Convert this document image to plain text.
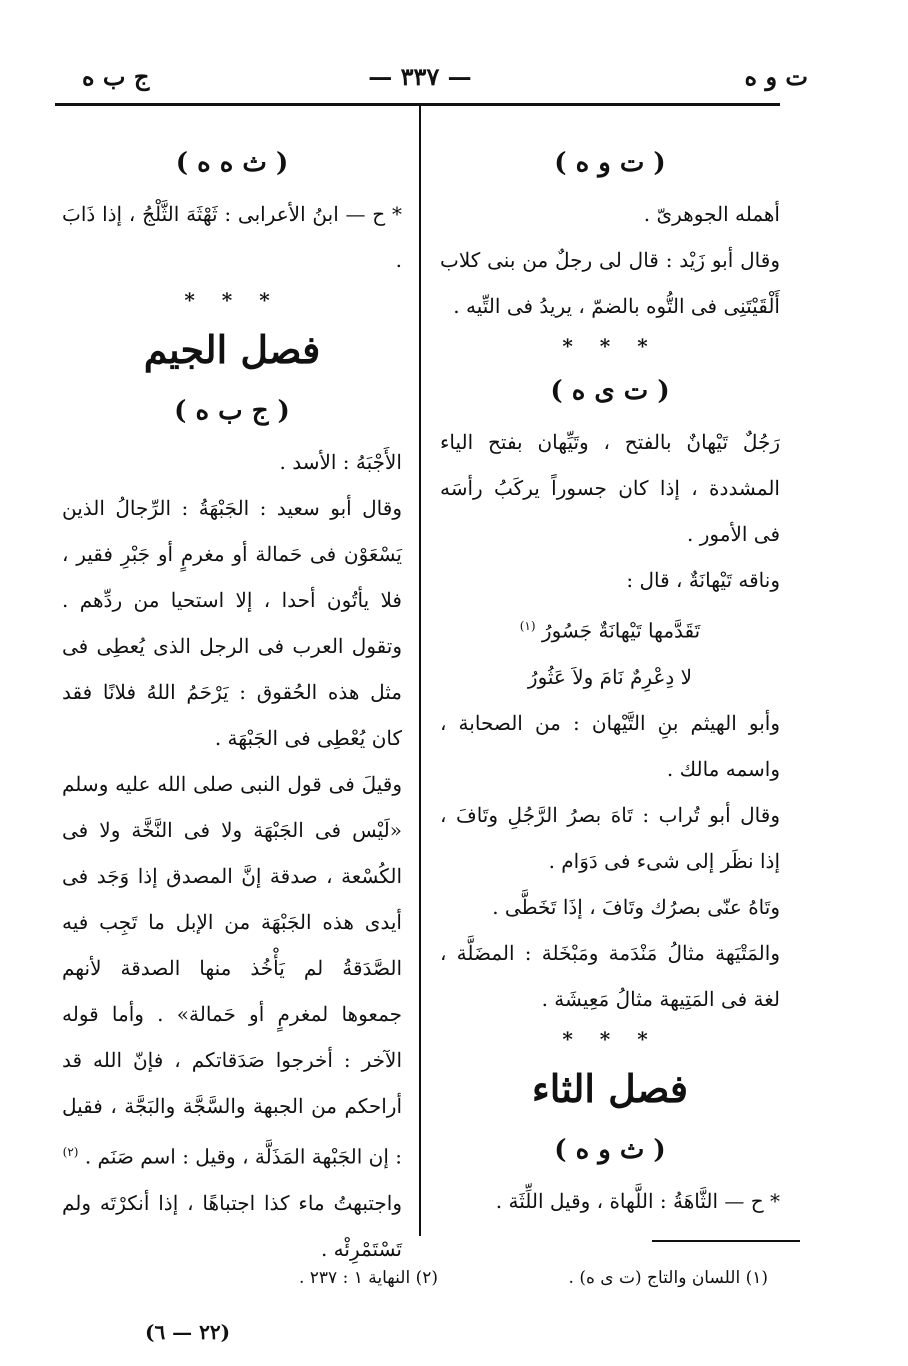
ت و ه
— ٣٣٧ —
ج ب ه
( ت و ه )

أهمله الجوهرىّ .

وقال أبو زَيْد : قال لى رجلٌ من بنى كلاب أَلْقَيْتَنِى فى التُّوه بالضمّ ، يريدُ فى التِّيه .

* * *
( ت ى ه )

رَجُلٌ تَيْهانٌ بالفتح ، وتَيِّهان بفتح الياء المشددة ، إذا كان جسوراً يركَبُ رأسَه فى الأمور .

وناقه تَيْهانَةٌ ، قال :

تَقَدَّمها تَيْهانَةٌ جَسُورُ $^{(١)}$
لا دِعْرِمٌ نَامَ ولاَ عَثُورُ

وأبو الهيثم بنِ التَّيْهان : من الصحابة ، واسمه مالك .

وقال أبو تُراب : تَاهَ بصرُ الرَّجُلِ وتَافَ ، إذا نظَر إلى شىء فى دَوَام .

وتَاهُ عنّى بصرُك وتَافَ ، إذَا تَخَطَّى .

والمَتْيَهة مثالُ مَنْدَمة ومَبْخَلة : المضَلَّة ، لغة فى المَتِيهة مثالُ مَعِيشَة .

* * *
فصل الثاء
( ث و ه )

* ح — الثَّاهَةُ : اللَّهاة ، وقيل اللِّثَة .

( ث ه ه )

* ح — ابنُ الأعرابى : ثَهْثَهَ الثَّلْجُ ، إذا ذَابَ .

* * *
فصل الجيم
( ج ب ه )

الأَجْبَهُ : الأسد .

وقال أبو سعيد : الجَبْهَةُ : الرِّجالُ الذين يَسْعَوْن فى حَمالة أو مغرمٍ أو جَبْرِ فقير ، فلا يأتُون أحدا ، إلا استحيا من ردِّهم . وتقول العرب فى الرجل الذى يُعطِى فى مثل هذه الحُقوق : يَرْحَمُ اللهُ فلانًا فقد كان يُعْطِى فى الجَبْهَة .

وقيلَ فى قول النبى صلى الله عليه وسلم «لَيْس فى الجَبْهَة ولا فى النَّخَّة ولا فى الكُسْعة ، صدقة إنَّ المصدق إذا وَجَد فى أيدى هذه الجَبْهَة من الإبل ما تَجِب فيه الصَّدَقةُ لم يَأْخُذ منها الصدقة لأنهم جمعوها لمغرمٍ أو حَمالة» . وأما قوله الآخر : أخرجوا صَدَقاتكم ، فإنّ الله قد أراحكم من الجبهة والسَّجَّة والبَجَّة ، فقيل : إن الجَبْهة المَذَلَّة ، وقيل : اسم صَنَم . $^{(٢)}$

واجتبهتُ ماء كذا اجتباهًا ، إذا أنكرْتَه ولم تَسْتَمْرِئْه .

(١) اللسان والتاج (ت ى ه) .
(٢) النهاية ١ : ٢٣٧ .
(٢٢ — ٦)
